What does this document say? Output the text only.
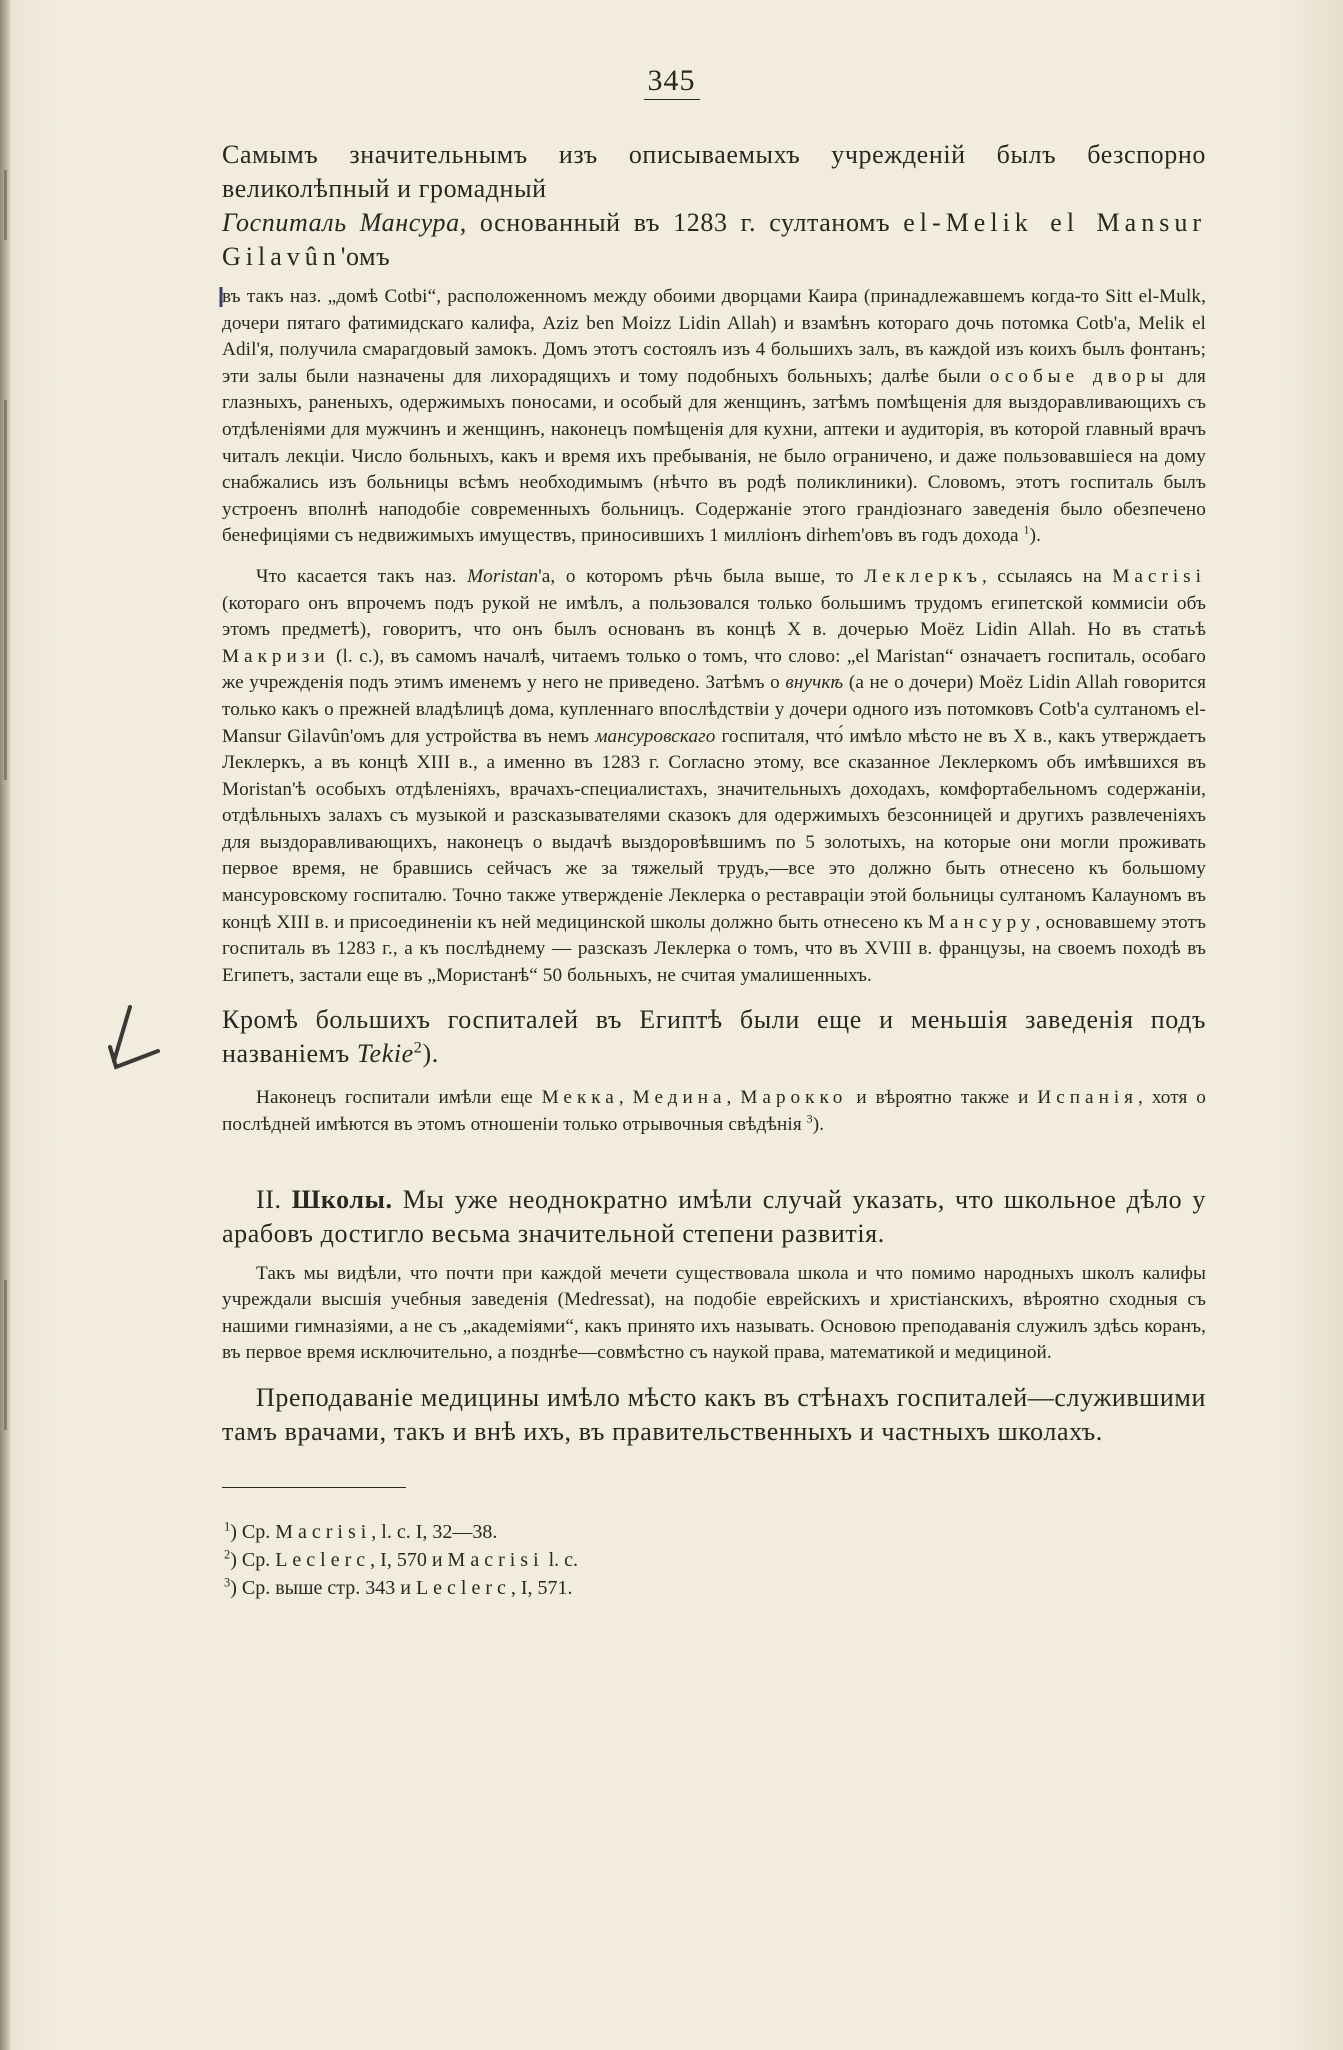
345

Самымъ значительнымъ изъ описываемыхъ учрежденій былъ безспорно великолѣпный и громадный
Госпиталь Мансура, основанный въ 1283 г. султаномъ el-Melik el Mansur Gilavûn'омъ

въ такъ наз. „домѣ Cotbi“, расположенномъ между обоими дворцами Каира (принадлежавшемъ когда-то Sitt el-Mulk, дочери пятаго фатимидскаго калифа, Aziz ben Moizz Lidin Allah) и взамѣнъ котораго дочь потомка Cotb'a, Melik el Adil'я, получила смарагдовый замокъ. Домъ этотъ состоялъ изъ 4 большихъ залъ, въ каждой изъ коихъ былъ фонтанъ; эти залы были назначены для лихорадящихъ и тому подобныхъ больныхъ; далѣе были особые дворы для глазныхъ, раненыхъ, одержимыхъ поносами, и особый для женщинъ, затѣмъ помѣщенія для выздоравливающихъ съ отдѣленіями для мужчинъ и женщинъ, наконецъ помѣщенія для кухни, аптеки и аудиторія, въ которой главный врачъ читалъ лекціи. Число больныхъ, какъ и время ихъ пребыванія, не было ограничено, и даже пользовавшіеся на дому снабжались изъ больницы всѣмъ необходимымъ (нѣчто въ родѣ поликлиники). Словомъ, этотъ госпиталь былъ устроенъ вполнѣ наподобіе современныхъ больницъ. Содержаніе этого грандіознаго заведенія было обезпечено бенефиціями съ недвижимыхъ имуществъ, приносившихъ 1 милліонъ dirhem'овъ въ годъ дохода $^1$).

Что касается такъ наз. Moristan'a, о которомъ рѣчь была выше, то Леклеркъ, ссылаясь на Macrisi (котораго онъ впрочемъ подъ рукой не имѣлъ, а пользовался только большимъ трудомъ египетской коммисіи объ этомъ предметѣ), говоритъ, что онъ былъ основанъ въ концѣ X в. дочерью Moëz Lidin Allah. Но въ статьѣ Макризи (l. c.), въ самомъ началѣ, читаемъ только о томъ, что слово: „el Maristan“ означаетъ госпиталь, особаго же учрежденія подъ этимъ именемъ у него не приведено. Затѣмъ о внучкѣ (а не о дочери) Moëz Lidin Allah говорится только какъ о прежней владѣлицѣ дома, купленнаго впослѣдствіи у дочери одного изъ потомковъ Cotb'a султаномъ el-Mansur Gilavûn'омъ для устройства въ немъ мансуровскаго госпиталя, что́ имѣло мѣсто не въ X в., какъ утверждаетъ Леклеркъ, а въ концѣ XIII в., а именно въ 1283 г. Согласно этому, все сказанное Леклеркомъ объ имѣвшихся въ Moristan'ѣ особыхъ отдѣленіяхъ, врачахъ-специалистахъ, значительныхъ доходахъ, комфортабельномъ содержаніи, отдѣльныхъ залахъ съ музыкой и разсказывателями сказокъ для одержимыхъ безсонницей и другихъ развлеченіяхъ для выздоравливающихъ, наконецъ о выдачѣ выздоровѣвшимъ по 5 золотыхъ, на которые они могли проживать первое время, не бравшись сейчасъ же за тяжелый трудъ,—все это должно быть отнесено къ большому мансуровскому госпиталю. Точно также утвержденіе Леклерка о реставраціи этой больницы султаномъ Калауномъ въ концѣ XIII в. и присоединеніи къ ней медицинской школы должно быть отнесено къ Мансуру, основавшему этотъ госпиталь въ 1283 г., а къ послѣднему — разсказъ Леклерка о томъ, что въ XVIII в. французы, на своемъ походѣ въ Египетъ, застали еще въ „Мористанѣ“ 50 больныхъ, не считая умалишенныхъ.

Кромѣ большихъ госпиталей въ Египтѣ были еще и меньшія заведенія подъ названіемъ Tekie$^2$).

Наконецъ госпитали имѣли еще Мекка, Медина, Марокко и вѣроятно также и Испанія, хотя о послѣдней имѣются въ этомъ отношеніи только отрывочныя свѣдѣнія $^3$).

II. Школы. Мы уже неоднократно имѣли случай указать, что школьное дѣло у арабовъ достигло весьма значительной степени развитія.

Такъ мы видѣли, что почти при каждой мечети существовала школа и что помимо народныхъ школъ калифы учреждали высшія учебныя заведенія (Medressat), на подобіе еврейскихъ и христіанскихъ, вѣроятно сходныя съ нашими гимназіями, а не съ „академіями“, какъ принято ихъ называть. Основою преподаванія служилъ здѣсь коранъ, въ первое время исключительно, а позднѣе—совмѣстно съ наукой права, математикой и медициной.

Преподаваніе медицины имѣло мѣсто какъ въ стѣнахъ госпиталей—служившими тамъ врачами, такъ и внѣ ихъ, въ правительственныхъ и частныхъ школахъ.

$^1$) Ср. Macrisi, l. c. I, 32—38.

$^2$) Ср. Leclerc, I, 570 и Macrisi l. c.

$^3$) Ср. выше стр. 343 и Leclerc, I, 571.
